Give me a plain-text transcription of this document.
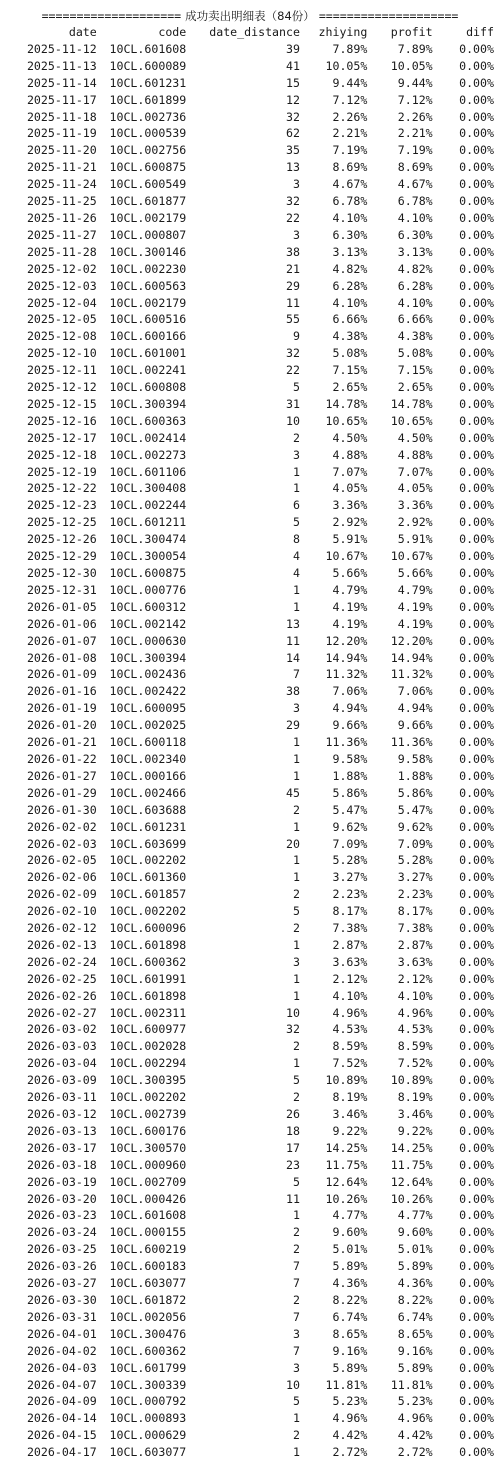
==================== 成功卖出明细表（84份） ====================
date	code	date_distance	zhiying	profit	diff
2025-11-12	10CL.601608	39	7.89%	7.89%	0.00%
2025-11-13	10CL.600089	41	10.05%	10.05%	0.00%
2025-11-14	10CL.601231	15	9.44%	9.44%	0.00%
2025-11-17	10CL.601899	12	7.12%	7.12%	0.00%
2025-11-18	10CL.002736	32	2.26%	2.26%	0.00%
2025-11-19	10CL.000539	62	2.21%	2.21%	0.00%
2025-11-20	10CL.002756	35	7.19%	7.19%	0.00%
2025-11-21	10CL.600875	13	8.69%	8.69%	0.00%
2025-11-24	10CL.600549	3	4.67%	4.67%	0.00%
2025-11-25	10CL.601877	32	6.78%	6.78%	0.00%
2025-11-26	10CL.002179	22	4.10%	4.10%	0.00%
2025-11-27	10CL.000807	3	6.30%	6.30%	0.00%
2025-11-28	10CL.300146	38	3.13%	3.13%	0.00%
2025-12-02	10CL.002230	21	4.82%	4.82%	0.00%
2025-12-03	10CL.600563	29	6.28%	6.28%	0.00%
2025-12-04	10CL.002179	11	4.10%	4.10%	0.00%
2025-12-05	10CL.600516	55	6.66%	6.66%	0.00%
2025-12-08	10CL.600166	9	4.38%	4.38%	0.00%
2025-12-10	10CL.601001	32	5.08%	5.08%	0.00%
2025-12-11	10CL.002241	22	7.15%	7.15%	0.00%
2025-12-12	10CL.600808	5	2.65%	2.65%	0.00%
2025-12-15	10CL.300394	31	14.78%	14.78%	0.00%
2025-12-16	10CL.600363	10	10.65%	10.65%	0.00%
2025-12-17	10CL.002414	2	4.50%	4.50%	0.00%
2025-12-18	10CL.002273	3	4.88%	4.88%	0.00%
2025-12-19	10CL.601106	1	7.07%	7.07%	0.00%
2025-12-22	10CL.300408	1	4.05%	4.05%	0.00%
2025-12-23	10CL.002244	6	3.36%	3.36%	0.00%
2025-12-25	10CL.601211	5	2.92%	2.92%	0.00%
2025-12-26	10CL.300474	8	5.91%	5.91%	0.00%
2025-12-29	10CL.300054	4	10.67%	10.67%	0.00%
2025-12-30	10CL.600875	4	5.66%	5.66%	0.00%
2025-12-31	10CL.000776	1	4.79%	4.79%	0.00%
2026-01-05	10CL.600312	1	4.19%	4.19%	0.00%
2026-01-06	10CL.002142	13	4.19%	4.19%	0.00%
2026-01-07	10CL.000630	11	12.20%	12.20%	0.00%
2026-01-08	10CL.300394	14	14.94%	14.94%	0.00%
2026-01-09	10CL.002436	7	11.32%	11.32%	0.00%
2026-01-16	10CL.002422	38	7.06%	7.06%	0.00%
2026-01-19	10CL.600095	3	4.94%	4.94%	0.00%
2026-01-20	10CL.002025	29	9.66%	9.66%	0.00%
2026-01-21	10CL.600118	1	11.36%	11.36%	0.00%
2026-01-22	10CL.002340	1	9.58%	9.58%	0.00%
2026-01-27	10CL.000166	1	1.88%	1.88%	0.00%
2026-01-29	10CL.002466	45	5.86%	5.86%	0.00%
2026-01-30	10CL.603688	2	5.47%	5.47%	0.00%
2026-02-02	10CL.601231	1	9.62%	9.62%	0.00%
2026-02-03	10CL.603699	20	7.09%	7.09%	0.00%
2026-02-05	10CL.002202	1	5.28%	5.28%	0.00%
2026-02-06	10CL.601360	1	3.27%	3.27%	0.00%
2026-02-09	10CL.601857	2	2.23%	2.23%	0.00%
2026-02-10	10CL.002202	5	8.17%	8.17%	0.00%
2026-02-12	10CL.600096	2	7.38%	7.38%	0.00%
2026-02-13	10CL.601898	1	2.87%	2.87%	0.00%
2026-02-24	10CL.600362	3	3.63%	3.63%	0.00%
2026-02-25	10CL.601991	1	2.12%	2.12%	0.00%
2026-02-26	10CL.601898	1	4.10%	4.10%	0.00%
2026-02-27	10CL.002311	10	4.96%	4.96%	0.00%
2026-03-02	10CL.600977	32	4.53%	4.53%	0.00%
2026-03-03	10CL.002028	2	8.59%	8.59%	0.00%
2026-03-04	10CL.002294	1	7.52%	7.52%	0.00%
2026-03-09	10CL.300395	5	10.89%	10.89%	0.00%
2026-03-11	10CL.002202	2	8.19%	8.19%	0.00%
2026-03-12	10CL.002739	26	3.46%	3.46%	0.00%
2026-03-13	10CL.600176	18	9.22%	9.22%	0.00%
2026-03-17	10CL.300570	17	14.25%	14.25%	0.00%
2026-03-18	10CL.000960	23	11.75%	11.75%	0.00%
2026-03-19	10CL.002709	5	12.64%	12.64%	0.00%
2026-03-20	10CL.000426	11	10.26%	10.26%	0.00%
2026-03-23	10CL.601608	1	4.77%	4.77%	0.00%
2026-03-24	10CL.000155	2	9.60%	9.60%	0.00%
2026-03-25	10CL.600219	2	5.01%	5.01%	0.00%
2026-03-26	10CL.600183	7	5.89%	5.89%	0.00%
2026-03-27	10CL.603077	7	4.36%	4.36%	0.00%
2026-03-30	10CL.601872	2	8.22%	8.22%	0.00%
2026-03-31	10CL.002056	7	6.74%	6.74%	0.00%
2026-04-01	10CL.300476	3	8.65%	8.65%	0.00%
2026-04-02	10CL.600362	7	9.16%	9.16%	0.00%
2026-04-03	10CL.601799	3	5.89%	5.89%	0.00%
2026-04-07	10CL.300339	10	11.81%	11.81%	0.00%
2026-04-09	10CL.000792	5	5.23%	5.23%	0.00%
2026-04-14	10CL.000893	1	4.96%	4.96%	0.00%
2026-04-15	10CL.000629	2	4.42%	4.42%	0.00%
2026-04-17	10CL.603077	1	2.72%	2.72%	0.00%
